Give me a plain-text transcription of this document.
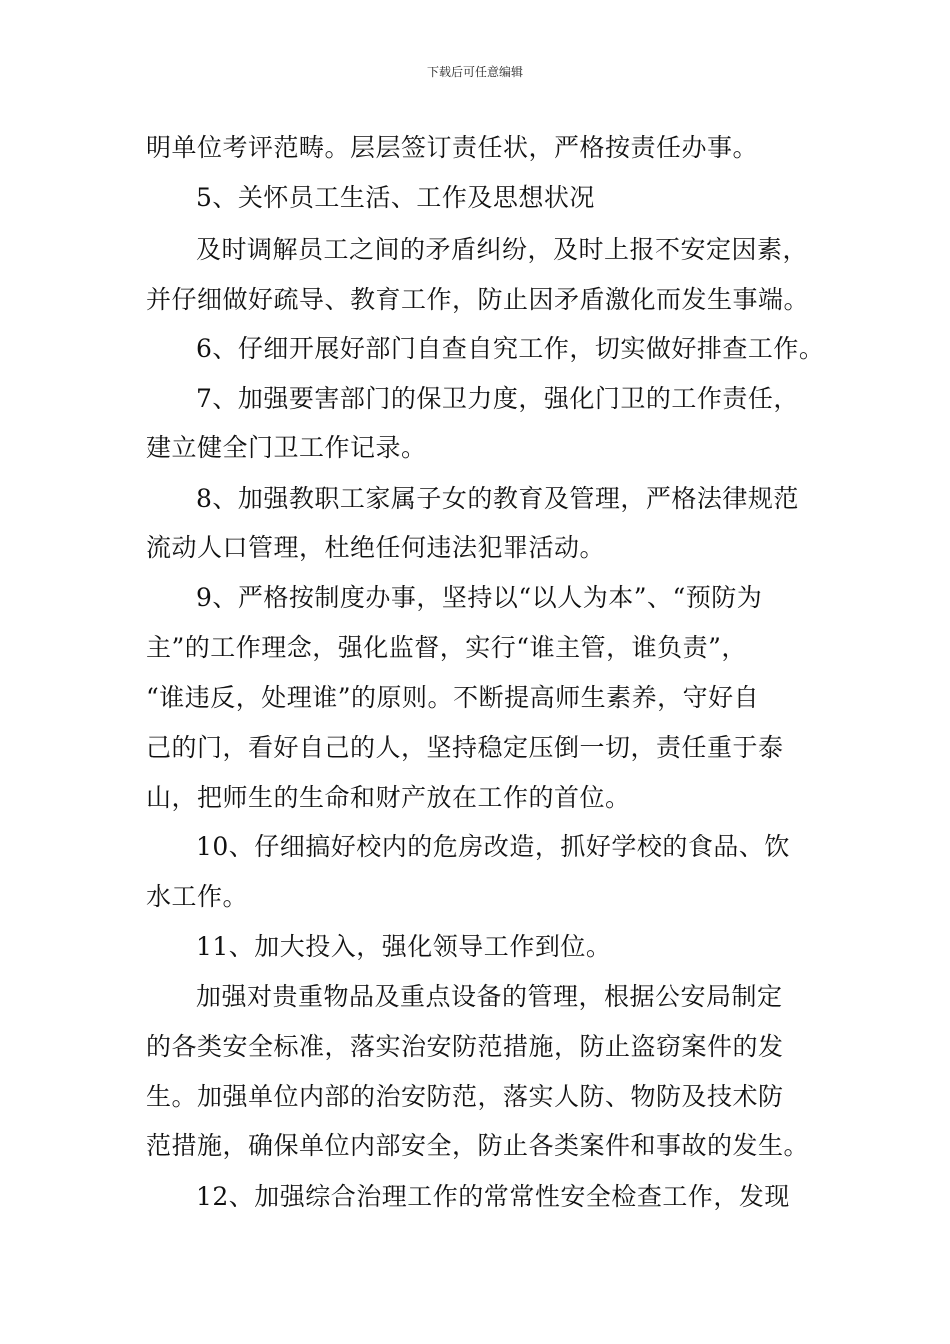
下载后可任意编辑
明单位考评范畴。层层签订责任状，严格按责任办事。
5、关怀员工生活、工作及思想状况
及时调解员工之间的矛盾纠纷，及时上报不安定因素，
并仔细做好疏导、教育工作，防止因矛盾激化而发生事端。
6、仔细开展好部门自查自究工作，切实做好排查工作。
7、加强要害部门的保卫力度，强化门卫的工作责任，
建立健全门卫工作记录。
8、加强教职工家属子女的教育及管理，严格法律规范
流动人口管理，杜绝任何违法犯罪活动。
9、严格按制度办事，坚持以“以人为本”、“预防为
主”的工作理念，强化监督，实行“谁主管，谁负责”，
“谁违反，处理谁”的原则。不断提高师生素养，守好自
己的门，看好自己的人，坚持稳定压倒一切，责任重于泰
山，把师生的生命和财产放在工作的首位。
10、仔细搞好校内的危房改造，抓好学校的食品、饮
水工作。
11、加大投入，强化领导工作到位。
加强对贵重物品及重点设备的管理，根据公安局制定
的各类安全标准，落实治安防范措施，防止盗窃案件的发
生。加强单位内部的治安防范，落实人防、物防及技术防
范措施，确保单位内部安全，防止各类案件和事故的发生。
12、加强综合治理工作的常常性安全检查工作，发现
